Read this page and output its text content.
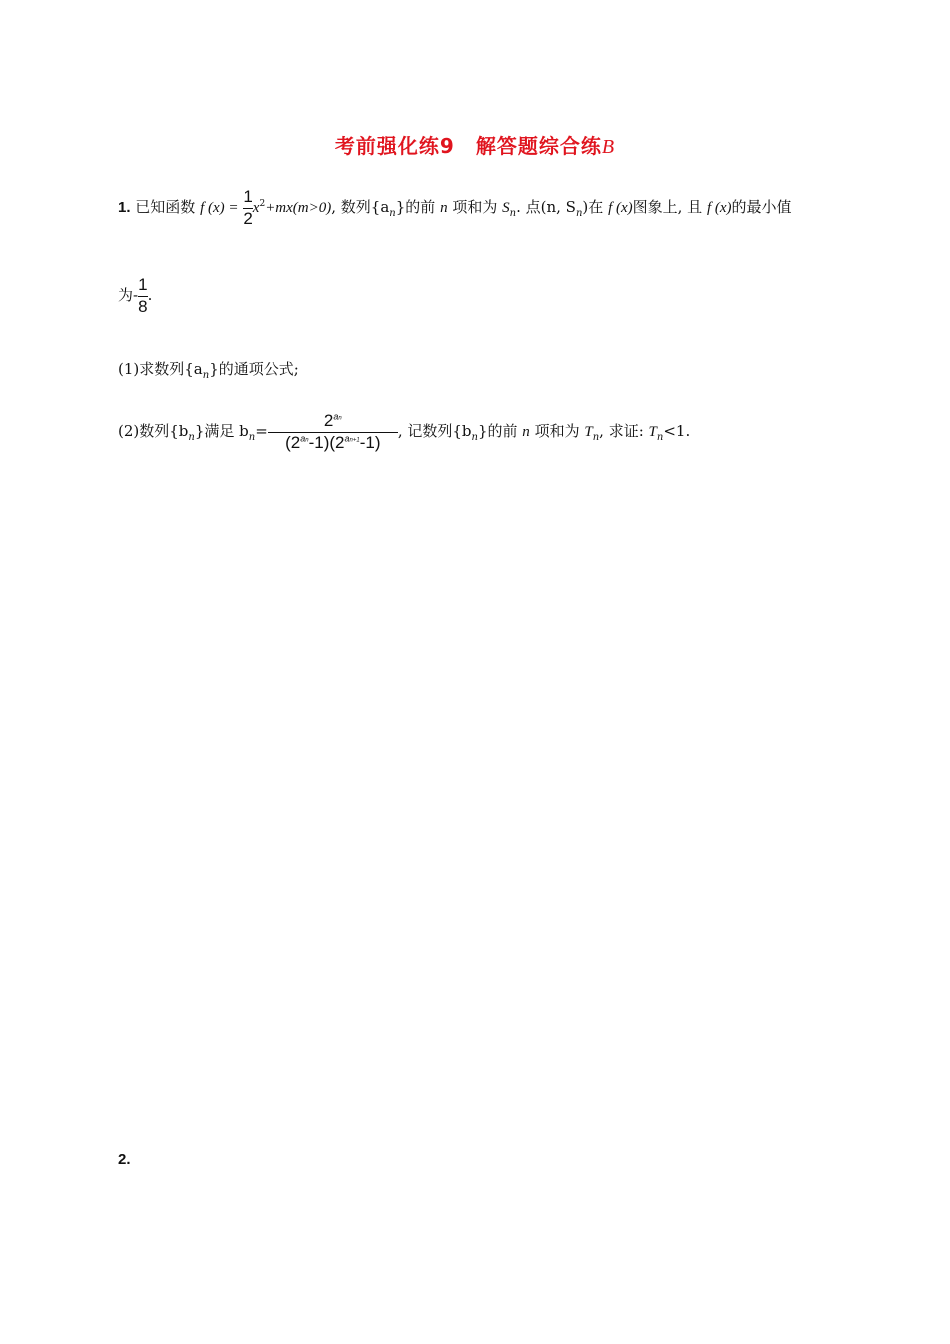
考前强化练9　解答题综合练B
1. 已知函数 f $(x) = \frac{1}{2} x^2+mx(m>0)$, 数列$\{a_n\}$的前 n 项和为 $S_n$. 点(n, $S_n$)在 f (x)图象上, 且 f (x)的最小值
为- $\frac{1}{8}$ .
(1)求数列$\{a_n\}$的通项公式;
(2)数列$\{b_n\}$满足 $b_n= \frac{2^{an}}{(2^{an}-1)(2^{an+1}-1)}$ , 记数列$\{b_n\}$的前 n 项和为 $T_n$, 求证: $T_n<1$.
2.
